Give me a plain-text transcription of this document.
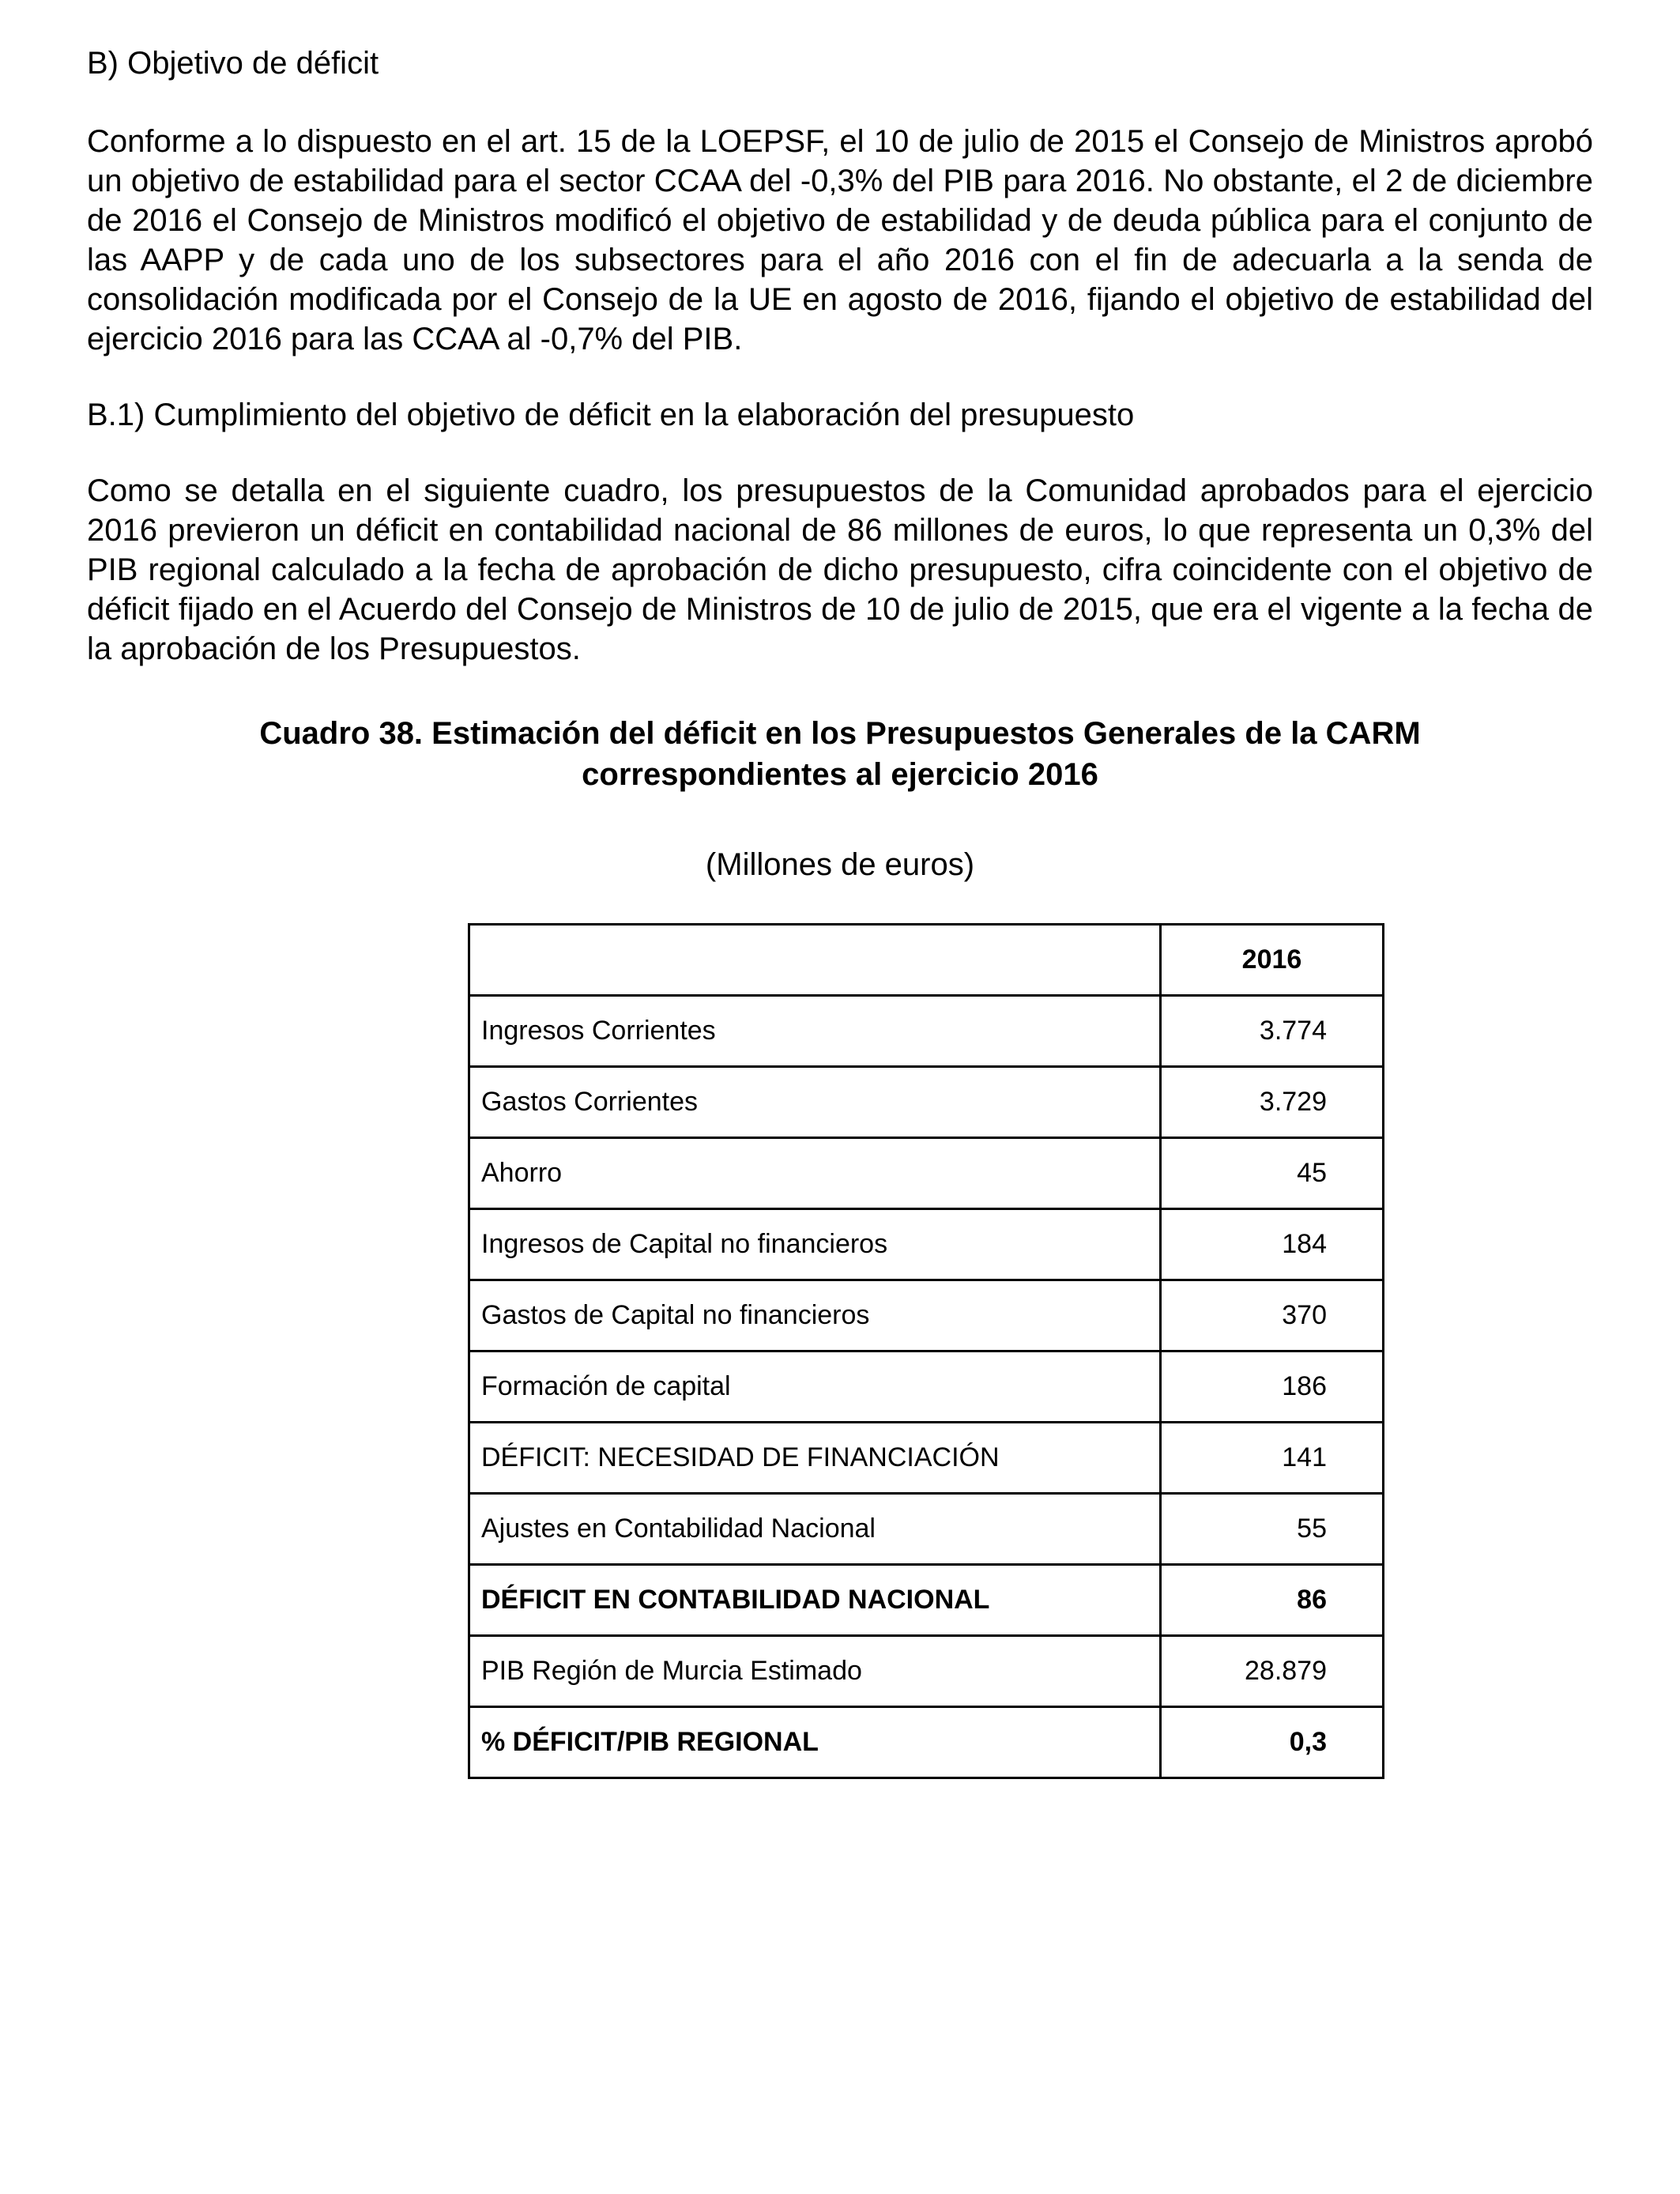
B) Objetivo de déficit

Conforme a lo dispuesto en el art. 15 de la LOEPSF, el 10 de julio de 2015 el Consejo de Ministros aprobó un objetivo de estabilidad para el sector CCAA del -0,3% del PIB para 2016. No obstante, el 2 de diciembre de 2016 el Consejo de Ministros modificó el objetivo de estabilidad y de deuda pública para el conjunto de las AAPP y de cada uno de los subsectores para el año 2016 con el fin de adecuarla a la senda de consolidación modificada por el Consejo de la UE en agosto de 2016, fijando el objetivo de estabilidad del ejercicio 2016 para las CCAA al -0,7% del PIB.

B.1) Cumplimiento del objetivo de déficit en la elaboración del presupuesto

Como se detalla en el siguiente cuadro, los presupuestos de la Comunidad aprobados para el ejercicio 2016 previeron un déficit en contabilidad nacional de 86 millones de euros, lo que representa un 0,3% del PIB regional calculado a la fecha de aprobación de dicho presupuesto, cifra coincidente con el objetivo de déficit fijado en el Acuerdo del Consejo de Ministros de 10 de julio de 2015, que era el vigente a la fecha de la aprobación de los Presupuestos.

Cuadro 38. Estimación del déficit en los Presupuestos Generales de la CARM

correspondientes al ejercicio 2016

(Millones de euros)
	2016
Ingresos Corrientes	3.774
Gastos Corrientes	3.729
Ahorro	45
Ingresos de Capital no financieros	184
Gastos de Capital no financieros	370
Formación de capital	186
DÉFICIT: NECESIDAD DE FINANCIACIÓN	141
Ajustes en Contabilidad Nacional	55
DÉFICIT EN CONTABILIDAD NACIONAL	86
PIB Región de Murcia Estimado	28.879
% DÉFICIT/PIB REGIONAL	0,3
